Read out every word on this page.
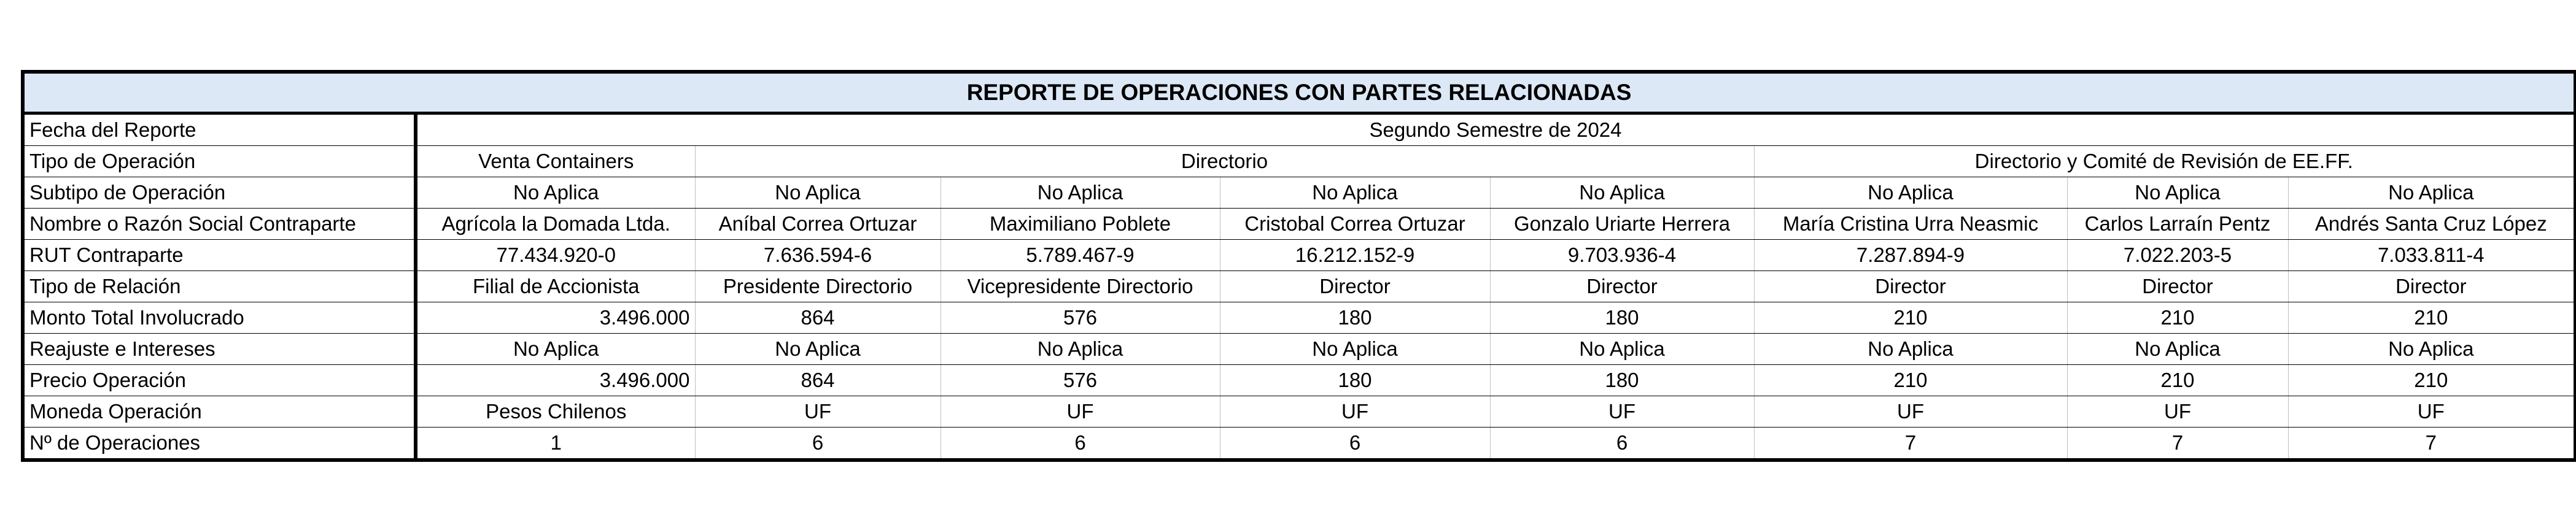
REPORTE DE OPERACIONES CON PARTES RELACIONADAS								
Fecha del Reporte	Segundo Semestre de 2024							
Tipo de Operación	Venta Containers	Directorio				Directorio y Comité de Revisión de EE.FF.		
Subtipo de Operación	No Aplica	No Aplica	No Aplica	No Aplica	No Aplica	No Aplica	No Aplica	No Aplica
Nombre o Razón Social Contraparte	Agrícola la Domada Ltda.	Aníbal Correa Ortuzar	Maximiliano Poblete	Cristobal Correa Ortuzar	Gonzalo Uriarte Herrera	María Cristina Urra Neasmic	Carlos Larraín Pentz	Andrés Santa Cruz López
RUT Contraparte	77.434.920-0	7.636.594-6	5.789.467-9	16.212.152-9	9.703.936-4	7.287.894-9	7.022.203-5	7.033.811-4
Tipo de Relación	Filial de Accionista	Presidente Directorio	Vicepresidente Directorio	Director	Director	Director	Director	Director
Monto Total Involucrado	3.496.000	864	576	180	180	210	210	210
Reajuste e Intereses	No Aplica	No Aplica	No Aplica	No Aplica	No Aplica	No Aplica	No Aplica	No Aplica
Precio Operación	3.496.000	864	576	180	180	210	210	210
Moneda Operación	Pesos Chilenos	UF	UF	UF	UF	UF	UF	UF
Nº de Operaciones	1	6	6	6	6	7	7	7
